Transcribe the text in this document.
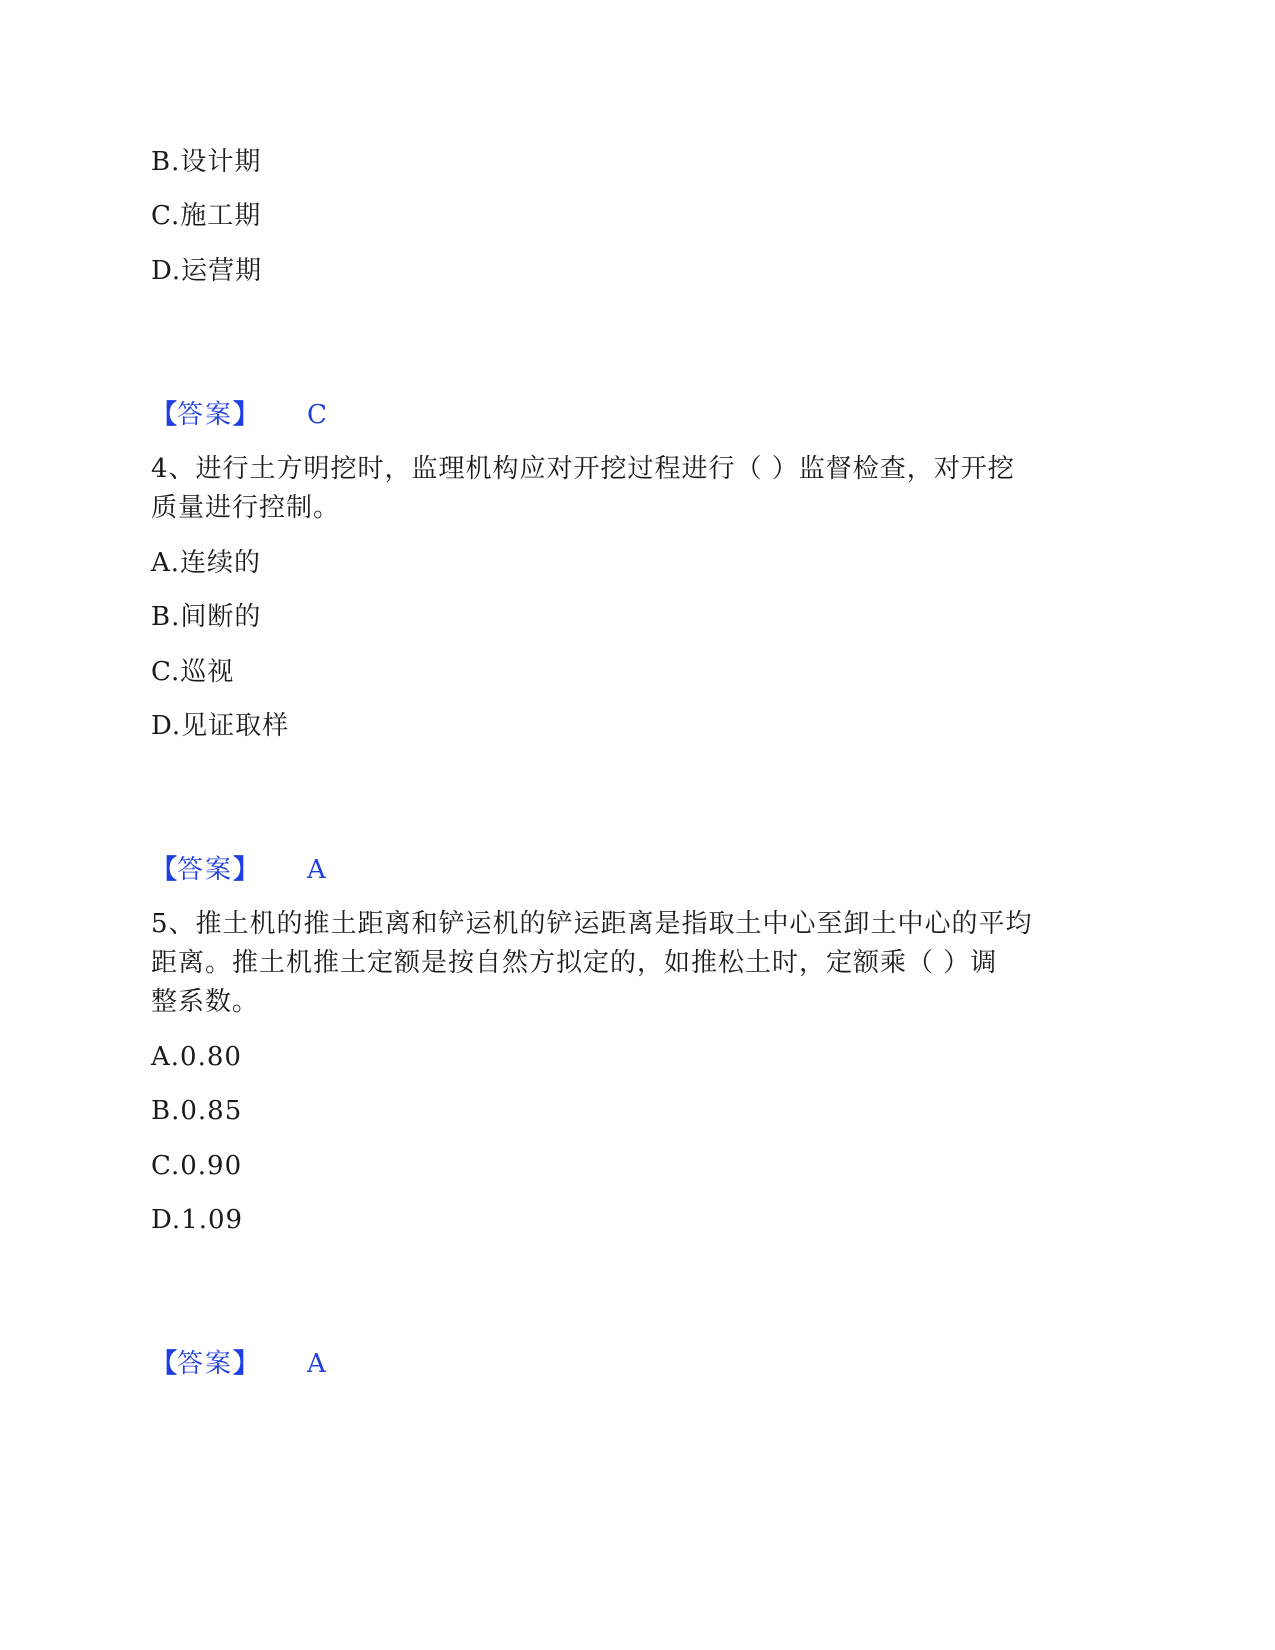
B.设计期
C.施工期
D.运营期
【答案】 C
4、进行土方明挖时，监理机构应对开挖过程进行（ ）监督检查，对开挖
质量进行控制。
A.连续的
B.间断的
C.巡视
D.见证取样
【答案】 A
5、推土机的推土距离和铲运机的铲运距离是指取土中心至卸土中心的平均
距离。推土机推土定额是按自然方拟定的，如推松土时，定额乘（ ）调
整系数。
A.0.80
B.0.85
C.0.90
D.1.09
【答案】 A
